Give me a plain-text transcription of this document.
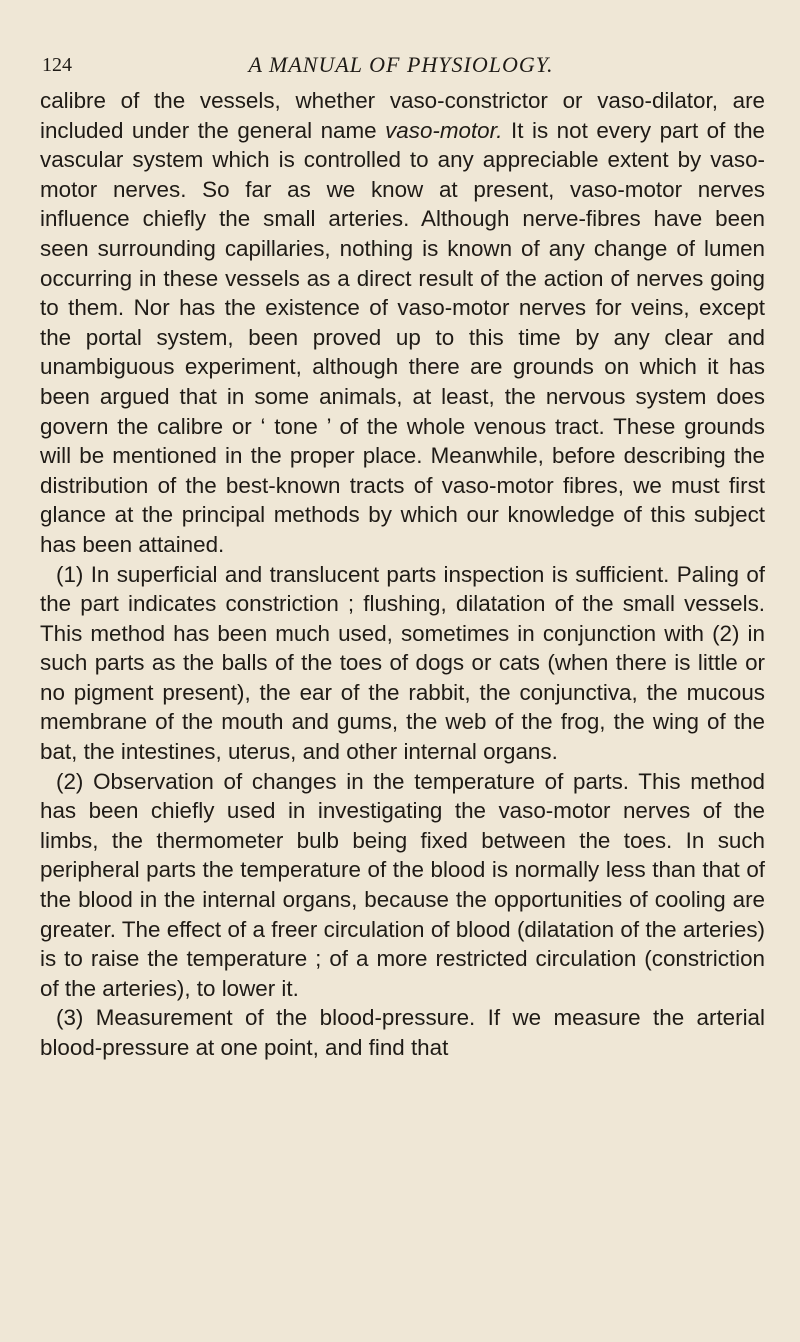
124	A MANUAL OF PHYSIOLOGY.

calibre of the vessels, whether vaso-constrictor or vaso-dilator, are included under the general name vaso-motor. It is not every part of the vascular system which is controlled to any appreciable extent by vaso-motor nerves. So far as we know at present, vaso-motor nerves influence chiefly the small arteries. Although nerve-fibres have been seen surrounding capillaries, nothing is known of any change of lumen occurring in these vessels as a direct result of the action of nerves going to them. Nor has the existence of vaso-motor nerves for veins, except the portal system, been proved up to this time by any clear and unambiguous experiment, although there are grounds on which it has been argued that in some animals, at least, the nervous system does govern the calibre or ‘ tone ’ of the whole venous tract. These grounds will be mentioned in the proper place. Meanwhile, before describing the distribution of the best-known tracts of vaso-motor fibres, we must first glance at the principal methods by which our knowledge of this subject has been attained.

(1) In superficial and translucent parts inspection is sufficient. Paling of the part indicates constriction ; flushing, dilatation of the small vessels. This method has been much used, sometimes in conjunction with (2) in such parts as the balls of the toes of dogs or cats (when there is little or no pigment present), the ear of the rabbit, the conjunctiva, the mucous membrane of the mouth and gums, the web of the frog, the wing of the bat, the intestines, uterus, and other internal organs.

(2) Observation of changes in the temperature of parts. This method has been chiefly used in investigating the vaso-motor nerves of the limbs, the thermometer bulb being fixed between the toes. In such peripheral parts the temperature of the blood is normally less than that of the blood in the internal organs, because the opportunities of cooling are greater. The effect of a freer circulation of blood (dilatation of the arteries) is to raise the temperature ; of a more restricted circulation (constriction of the arteries), to lower it.

(3) Measurement of the blood-pressure. If we measure the arterial blood-pressure at one point, and find that
